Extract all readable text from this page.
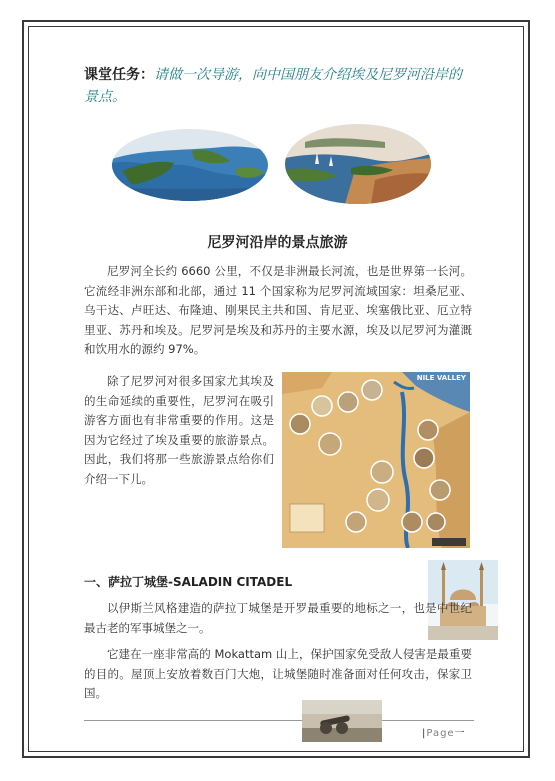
课堂任务：请做一次导游，向中国朋友介绍埃及尼罗河沿岸的景点。
尼罗河沿岸的景点旅游

尼罗河全长约 6660 公里，不仅是非洲最长河流，也是世界第一长河。它流经非洲东部和北部，通过 11 个国家称为尼罗河流域国家：坦桑尼亚、乌干达、卢旺达、布隆迪、刚果民主共和国、肯尼亚、埃塞俄比亚、厄立特里亚、苏丹和埃及。尼罗河是埃及和苏丹的主要水源，埃及以尼罗河为灌溉和饮用水的源约 97%。

除了尼罗河对很多国家尤其埃及的生命延续的重要性，尼罗河在吸引游客方面也有非常重要的作用。这是因为它经过了埃及重要的旅游景点。因此，我们将那一些旅游景点给你们介绍一下儿。

NILE VALLEY
一、萨拉丁城堡-SALADIN CITADEL

以伊斯兰风格建造的萨拉丁城堡是开罗最重要的地标之一，也是中世纪最古老的军事城堡之一。

它建在一座非常高的 Mokattam 山上，保护国家免受敌人侵害是最重要的目的。屋顶上安放着数百门大炮，让城堡随时准备面对任何攻击，保家卫国。

|Page一
